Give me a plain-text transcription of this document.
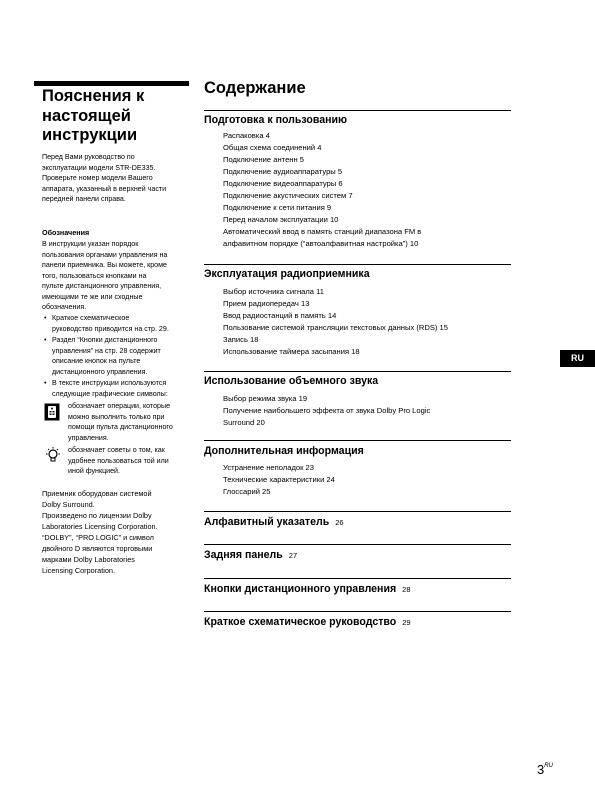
Пояснения к
настоящей
инструкции
Перед Вами руководство по
эксплуатации модели STR-DE335.
Проверьте номер модели Вашего
аппарата, указанный в верхней части
передней панели справа.
Обозначения
В инструкции указан порядок
пользования органами управления на
панели приемника. Вы можете, кроме
того, пользоваться кнопками на
пульте дистанционного управления,
имеющими те же или сходные
обозначения.
• Краткое схематическое
руководство приводится на стр. 29.
• Раздел “Кнопки дистанционного
управления” на стр. 28 содержит
описание кнопок на пульте
дистанционного управления.
• В тексте инструкции используются
следующие графические символы:
обозначает операции, которые
можно выполнить только при
помощи пульта дистанционного
управления.
обозначает советы о том, как
удобнее пользоваться той или
иной функцией.
Приемник оборудован системой
Dolby Surround.
Произведено по лицензии Dolby
Laboratories Licensing Corporation.
“DOLBY”, “PRO LOGIC” и символ
двойного D являются торговыми
марками Dolby Laboratories
Licensing Corporation.
Содержание
Подготовка к пользованию
Распаковка 4
Общая схема соединений 4
Подключение антенн 5
Подключение аудиоаппаратуры 5
Подключение видеоаппаратуры 6
Подключение акустических систем 7
Подключение к сети питания 9
Перед началом эксплуатации 10
Автоматический ввод в память станций диапазона FM в
алфавитном порядке (“автоалфавитная настройка”) 10
Эксплуатация радиоприемника
Выбор источника сигнала 11
Прием радиопередач 13
Ввод радиостанций в память 14
Пользование системой трансляции текстовых данных (RDS) 15
Запись 18
Использование таймера засыпания 18
Использование объемного звука
Выбор режима звука 19
Получение наибольшего эффекта от звука Dolby Pro Logic
Surround 20
Дополнительная информация
Устранение неполадок 23
Технические характеристики 24
Глоссарий 25
Алфавитный указатель 26
Задняя панель 27
Кнопки дистанционного управления 28
Краткое схематическое руководство 29
RU
$3^{RU}$
